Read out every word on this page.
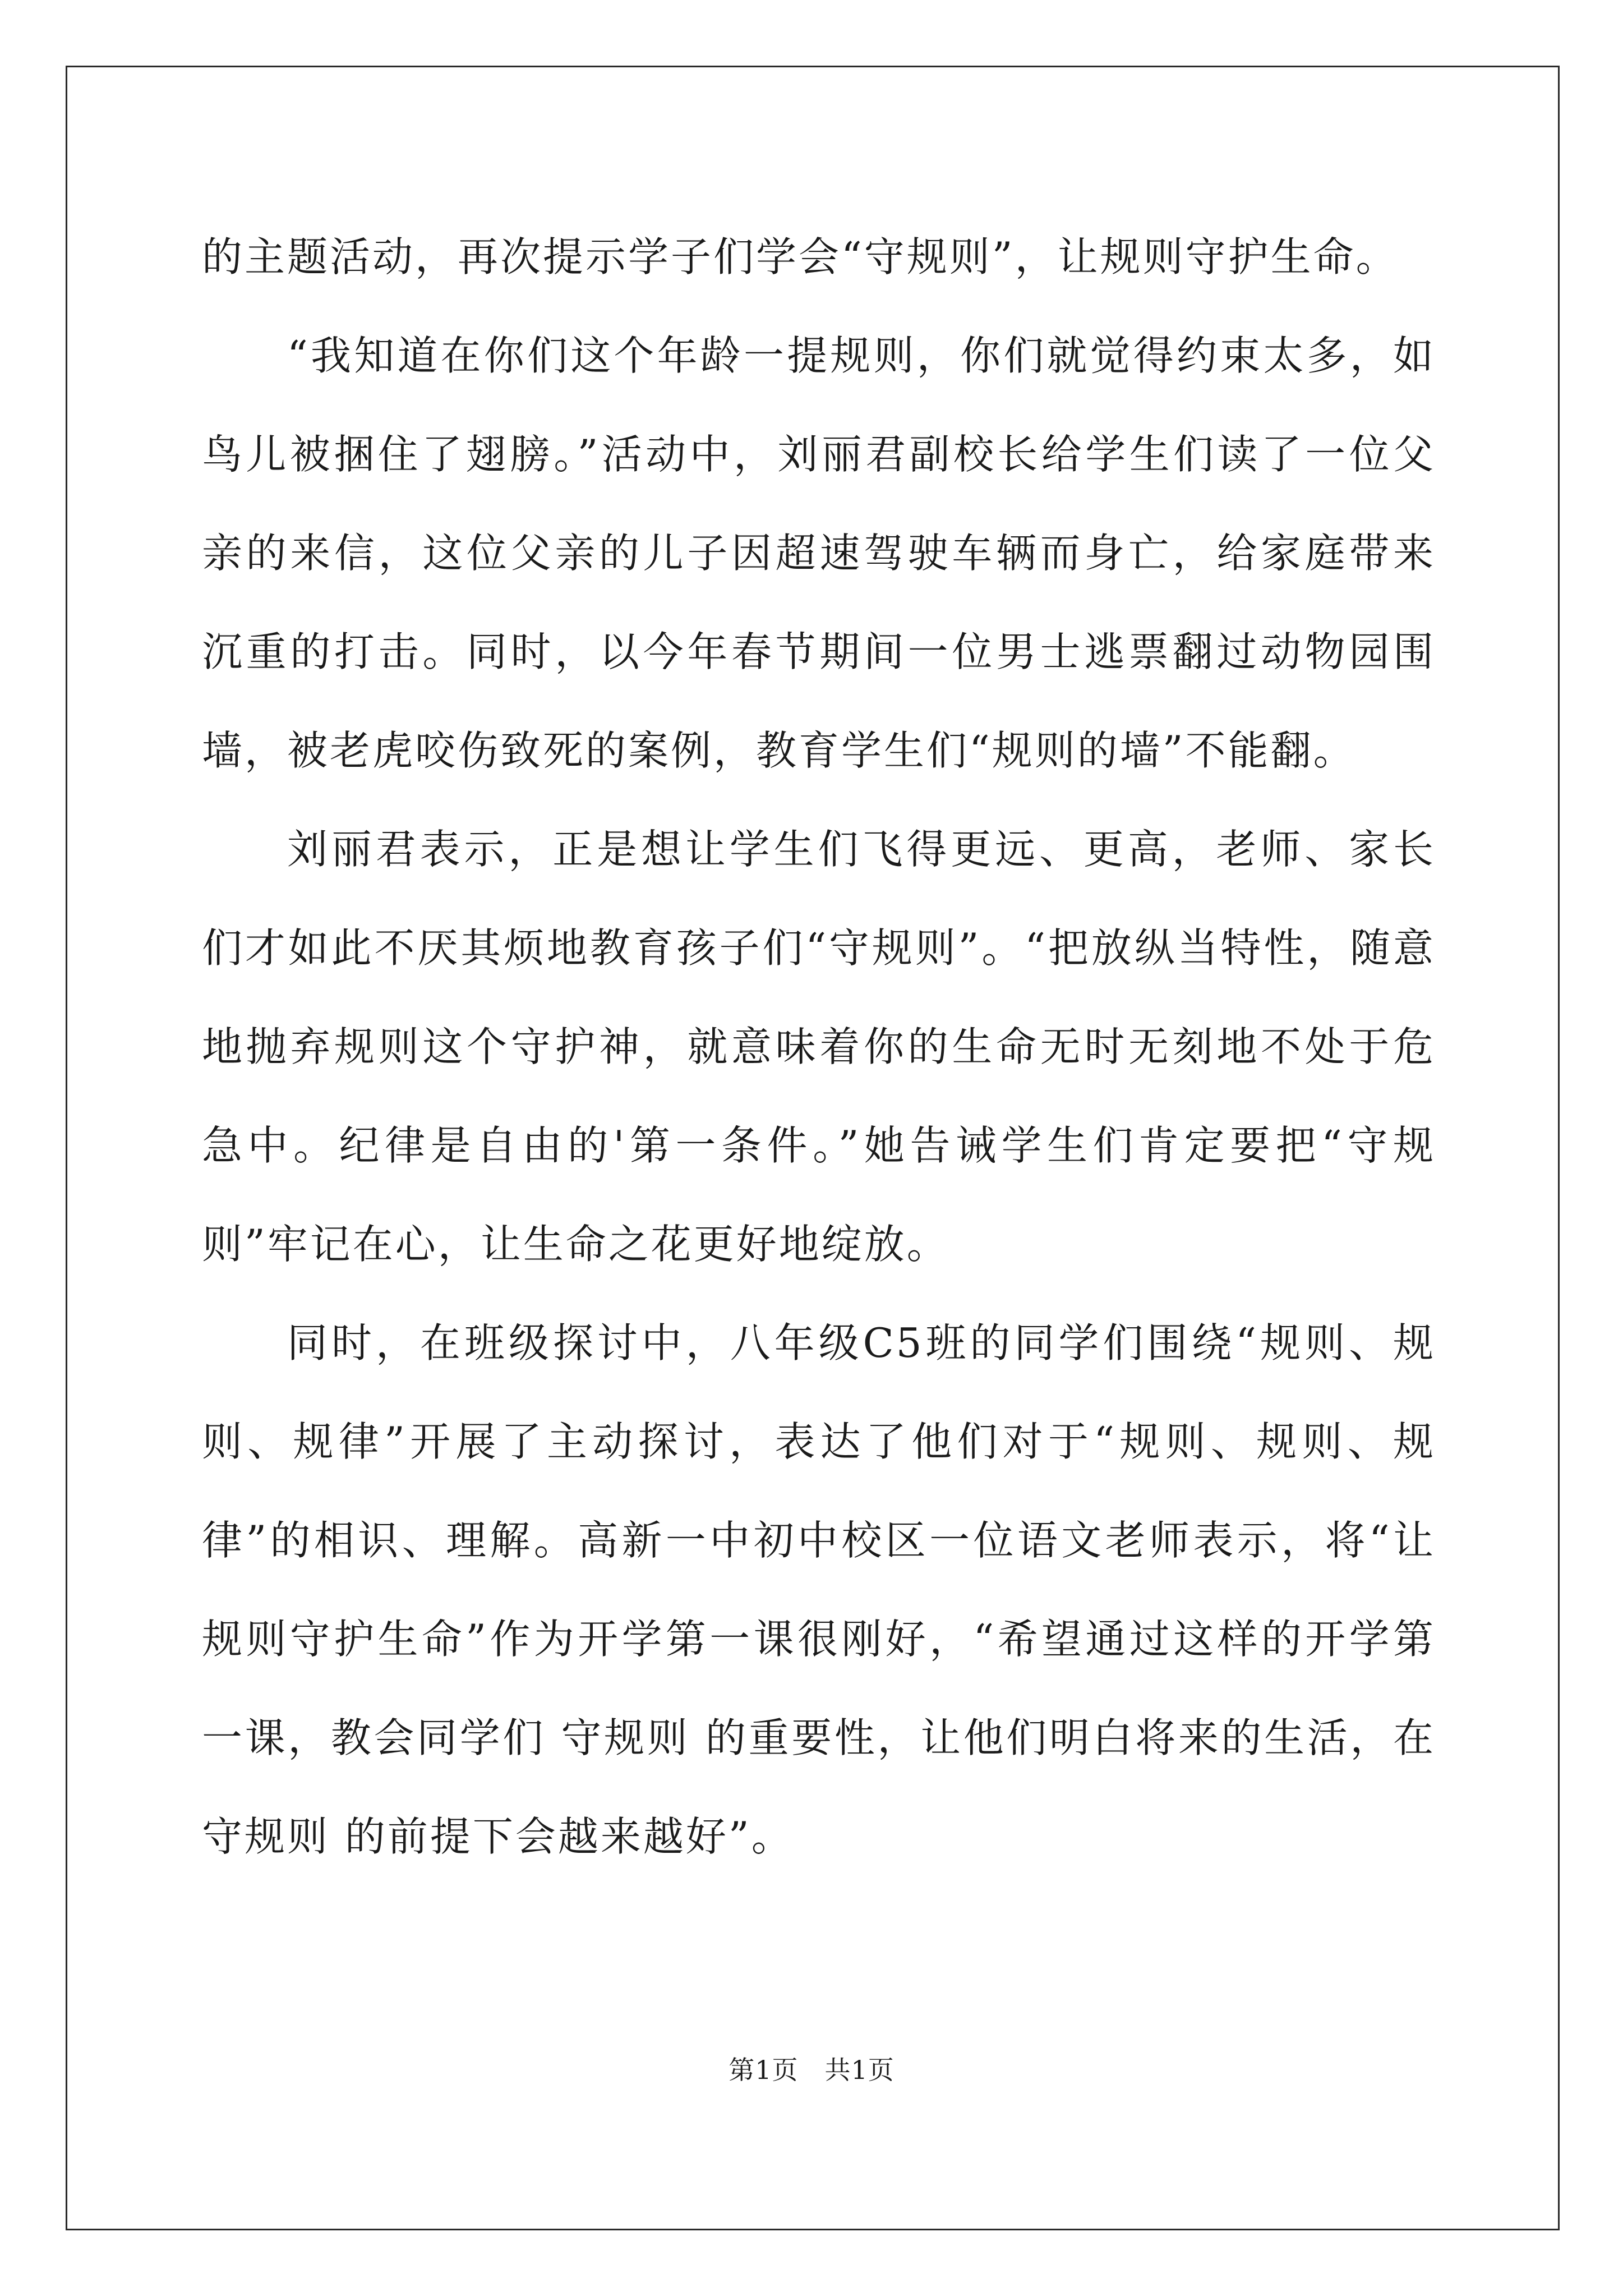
的主题活动，再次提示学子们学会“守规则”，让规则守护生命。

“我知道在你们这个年龄一提规则，你们就觉得约束太多，如鸟儿被捆住了翅膀。”活动中，刘丽君副校长给学生们读了一位父亲的来信，这位父亲的儿子因超速驾驶车辆而身亡，给家庭带来沉重的打击。同时，以今年春节期间一位男士逃票翻过动物园围墙，被老虎咬伤致死的案例，教育学生们“规则的墙”不能翻。

刘丽君表示，正是想让学生们飞得更远、更高，老师、家长们才如此不厌其烦地教育孩子们“守规则”。“把放纵当特性，随意地抛弃规则这个守护神，就意味着你的生命无时无刻地不处于危急中。纪律是自由的'第一条件。”她告诫学生们肯定要把“守规则”牢记在心，让生命之花更好地绽放。

同时，在班级探讨中，八年级C5班的同学们围绕“规则、规则、规律”开展了主动探讨，表达了他们对于“规则、规则、规律”的相识、理解。高新一中初中校区一位语文老师表示，将“让规则守护生命”作为开学第一课很刚好，“希望通过这样的开学第一课，教会同学们 守规则 的重要性，让他们明白将来的生活，在 守规则 的前提下会越来越好”。

第1页 共1页
